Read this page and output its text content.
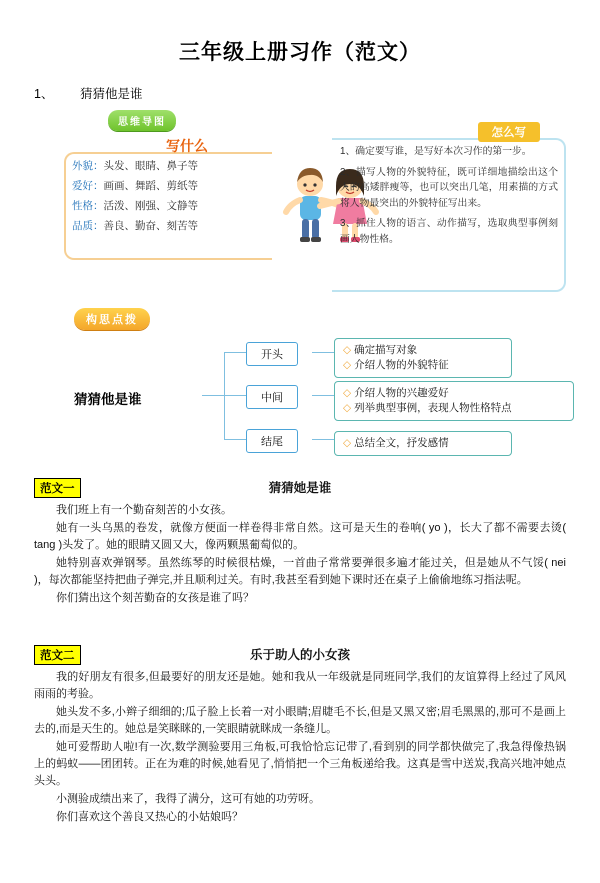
三年级上册习作（范文）
1、 猜猜他是谁
思维导图
写什么
外貌：头发、眼睛、鼻子等
爱好：画画、舞蹈、剪纸等
性格：活泼、刚强、文静等
品质：善良、勤奋、刻苦等
怎么写

1、确定要写谁，是写好本次习作的第一步。

2、描写人物的外貌特征，既可详细地描绘出这个人的高矮胖瘦等，也可以突出几笔，用素描的方式将人物最突出的外貌特征写出来。

3、抓住人物的语言、动作描写，选取典型事例刻画人物性格。

构思点拨
猜猜他是谁
开头
中间
结尾
◇ 确定描写对象
◇ 介绍人物的外貌特征
◇ 介绍人物的兴趣爱好
◇ 列举典型事例，表现人物性格特点
◇ 总结全文，抒发感情
范文一	猜猜她是谁

我们班上有一个勤奋刻苦的小女孩。

她有一头乌黑的卷发，就像方便面一样卷得非常自然。这可是天生的卷响( yo )，长大了都不需要去烫( tang )头发了。她的眼睛又圆又大，像两颗黑葡萄似的。

她特别喜欢弹钢琴。虽然练琴的时候很枯燥，一首曲子常常要弹很多遍才能过关，但是她从不气馁( nei )，每次都能坚持把曲子弹完,并且顺利过关。有时,我甚至看到她下课时还在桌子上偷偷地练习指法呢。

你们猜出这个刻苦勤奋的女孩是谁了吗？

范文二	乐于助人的小女孩

我的好朋友有很多,但最要好的朋友还是她。她和我从一年级就是同班同学,我们的友谊算得上经过了风风雨雨的考验。

她头发不多,小辫子细细的;瓜子脸上长着一对小眼睛;眉睫毛不长,但是又黑又密;眉毛黑黑的,那可不是画上去的,而是天生的。她总是笑眯眯的,一笑眼睛就眯成一条缝儿。

她可爱帮助人啦!有一次,数学测验要用三角板,可我恰恰忘记带了,看到别的同学都快做完了,我急得像热锅上的蚂蚁——团团转。正在为难的时候,她看见了,悄悄把一个三角板递给我。这真是雪中送炭,我高兴地冲她点头头。

小测验成绩出来了，我得了满分，这可有她的功劳呀。

你们喜欢这个善良又热心的小姑娘吗？
